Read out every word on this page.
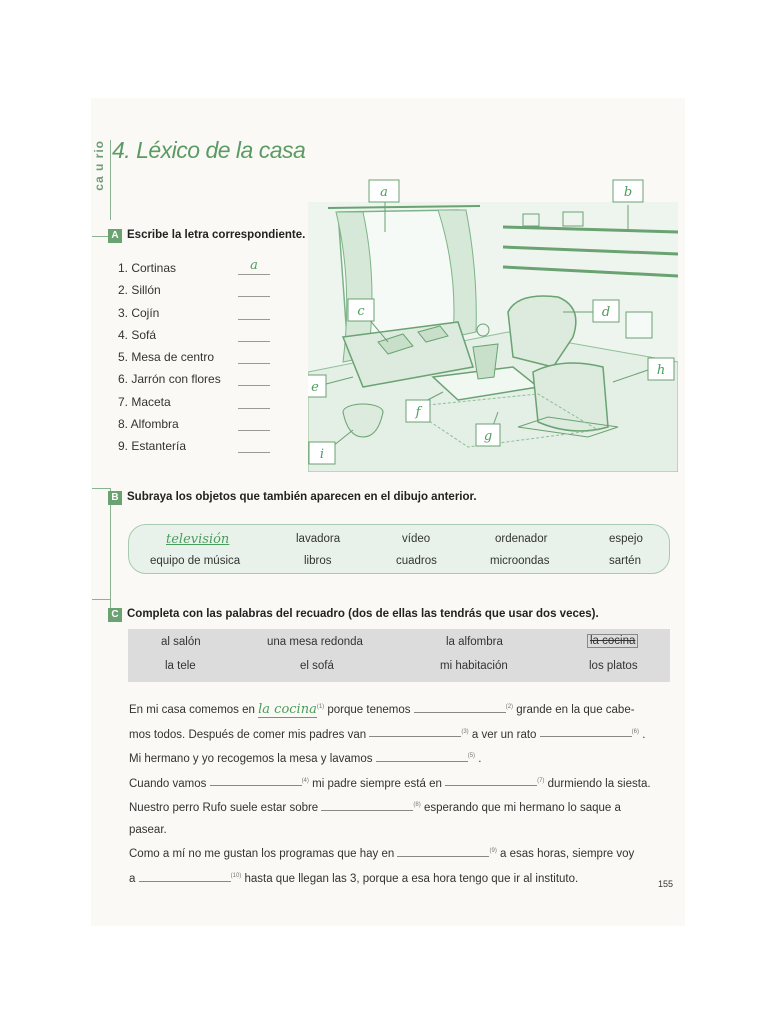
ca u rio 4. Léxico de la casa
A Escribe la letra correspondiente.
1. Cortinas	a
2. Sillón
3. Cojín
4. Sofá
5. Mesa de centro
6. Jarrón con flores
7. Maceta
8. Alfombra
9. Estantería
a	b
c	d
e
f
g
h
i
B Subraya los objetos que también aparecen en el dibujo anterior.
televisión	lavadora	vídeo	ordenador	espejo
equipo de música	libros	cuadros	microondas	sartén
C Completa con las palabras del recuadro (dos de ellas las tendrás que usar dos veces).
al salón	una mesa redonda	la alfombra	la cocina
la tele	el sofá	mi habitación	los platos
En mi casa comemos en la cocina$^{(1)}$ porque tenemos	$^{(2)}$ grande en la que cabe-
mos todos. Después de comer mis padres van	$^{(3)}$ a ver un rato	$^{(6)}$ .
Mi hermano y yo recogemos la mesa y lavamos	$^{(5)}$ .
Cuando vamos	$^{(4)}$ mi padre siempre está en	$^{(7)}$ durmiendo la siesta.
Nuestro perro Rufo suele estar sobre	$^{(8)}$ esperando que mi hermano lo saque a
pasear.
Como a mí no me gustan los programas que hay en	$^{(9)}$ a esas horas, siempre voy
a	$^{(10)}$ hasta que llegan las 3, porque a esa hora tengo que ir al instituto.	155
